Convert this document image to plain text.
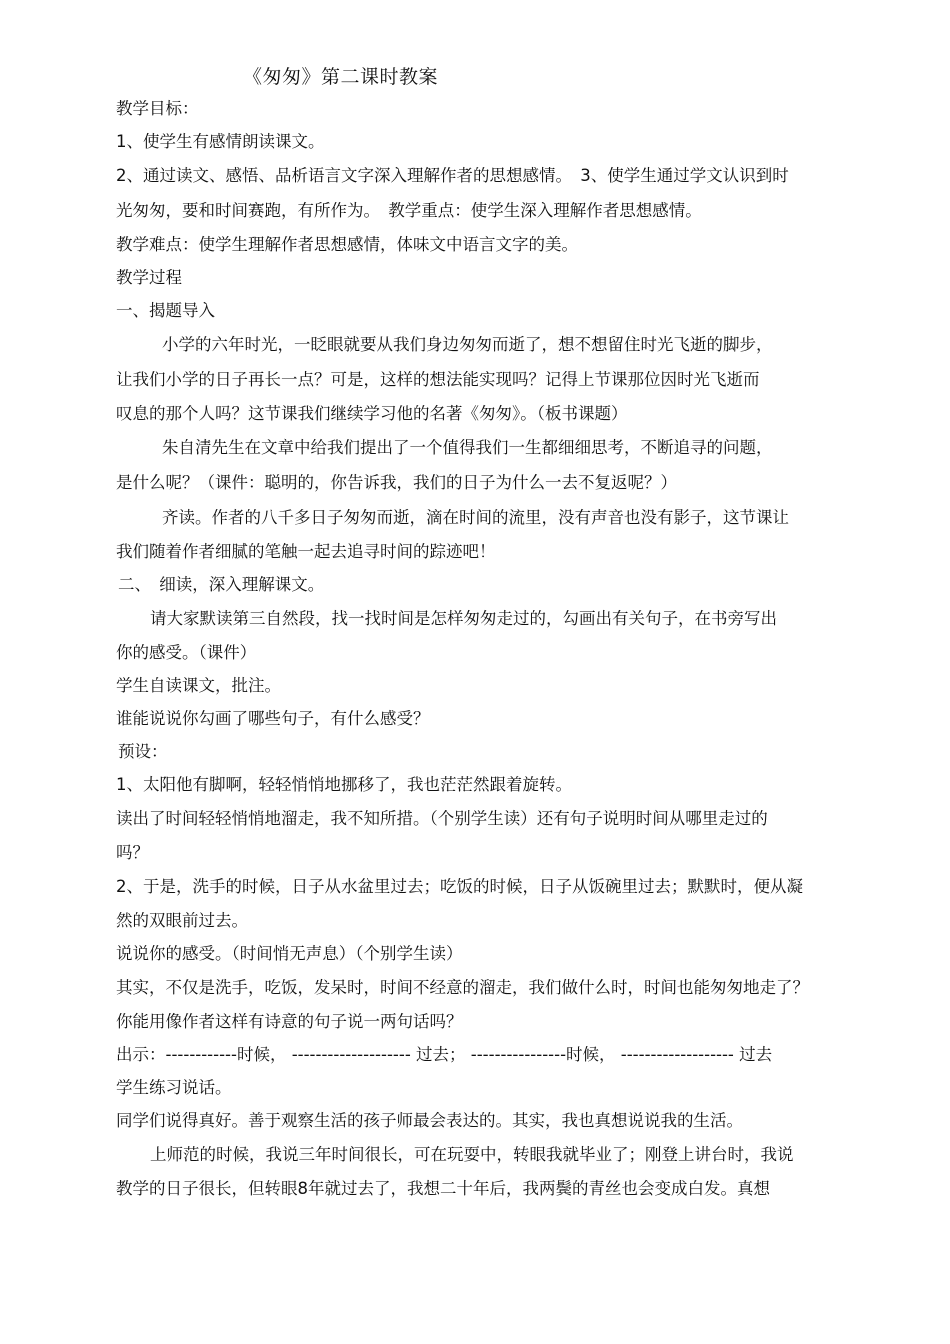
《匆匆》第二课时教案
教学目标：
1、使学生有感情朗读课文。
2、通过读文、感悟、品析语言文字深入理解作者的思想感情。　3、使学生通过学文认识到时
光匆匆，要和时间赛跑，有所作为。　教学重点：使学生深入理解作者思想感情。
教学难点：使学生理解作者思想感情，体味文中语言文字的美。
教学过程
一、揭题导入
小学的六年时光，一眨眼就要从我们身边匆匆而逝了，想不想留住时光飞逝的脚步，
让我们小学的日子再长一点？可是，这样的想法能实现吗？记得上节课那位因时光飞逝而
叹息的那个人吗？这节课我们继续学习他的名著《匆匆》。（板书课题）
朱自清先生在文章中给我们提出了一个值得我们一生都细细思考，不断追寻的问题，
是什么呢？（课件：聪明的，你告诉我，我们的日子为什么一去不复返呢？）
齐读。作者的八千多日子匆匆而逝，滴在时间的流里，没有声音也没有影子，这节课让
我们随着作者细腻的笔触一起去追寻时间的踪迹吧！
二、　细读，深入理解课文。
请大家默读第三自然段，找一找时间是怎样匆匆走过的，勾画出有关句子，在书旁写出
你的感受。（课件）
学生自读课文，批注。
谁能说说你勾画了哪些句子，有什么感受？
预设：
1、太阳他有脚啊，轻轻悄悄地挪移了，我也茫茫然跟着旋转。
读出了时间轻轻悄悄地溜走，我不知所措。（个别学生读）还有句子说明时间从哪里走过的
吗？
2、于是，洗手的时候，日子从水盆里过去；吃饭的时候，日子从饭碗里过去；默默时，便从凝
然的双眼前过去。
说说你的感受。（时间悄无声息）（个别学生读）
其实，不仅是洗手，吃饭，发呆时，时间不经意的溜走，我们做什么时，时间也能匆匆地走了？
你能用像作者这样有诗意的句子说一两句话吗？
出示：------------时候， -------------------- 过去； ----------------时候， ------------------- 过去
学生练习说话。
同学们说得真好。善于观察生活的孩子师最会表达的。其实，我也真想说说我的生活。
上师范的时候，我说三年时间很长，可在玩耍中，转眼我就毕业了；刚登上讲台时，我说
教学的日子很长，但转眼8年就过去了，我想二十年后，我两鬓的青丝也会变成白发。真想
